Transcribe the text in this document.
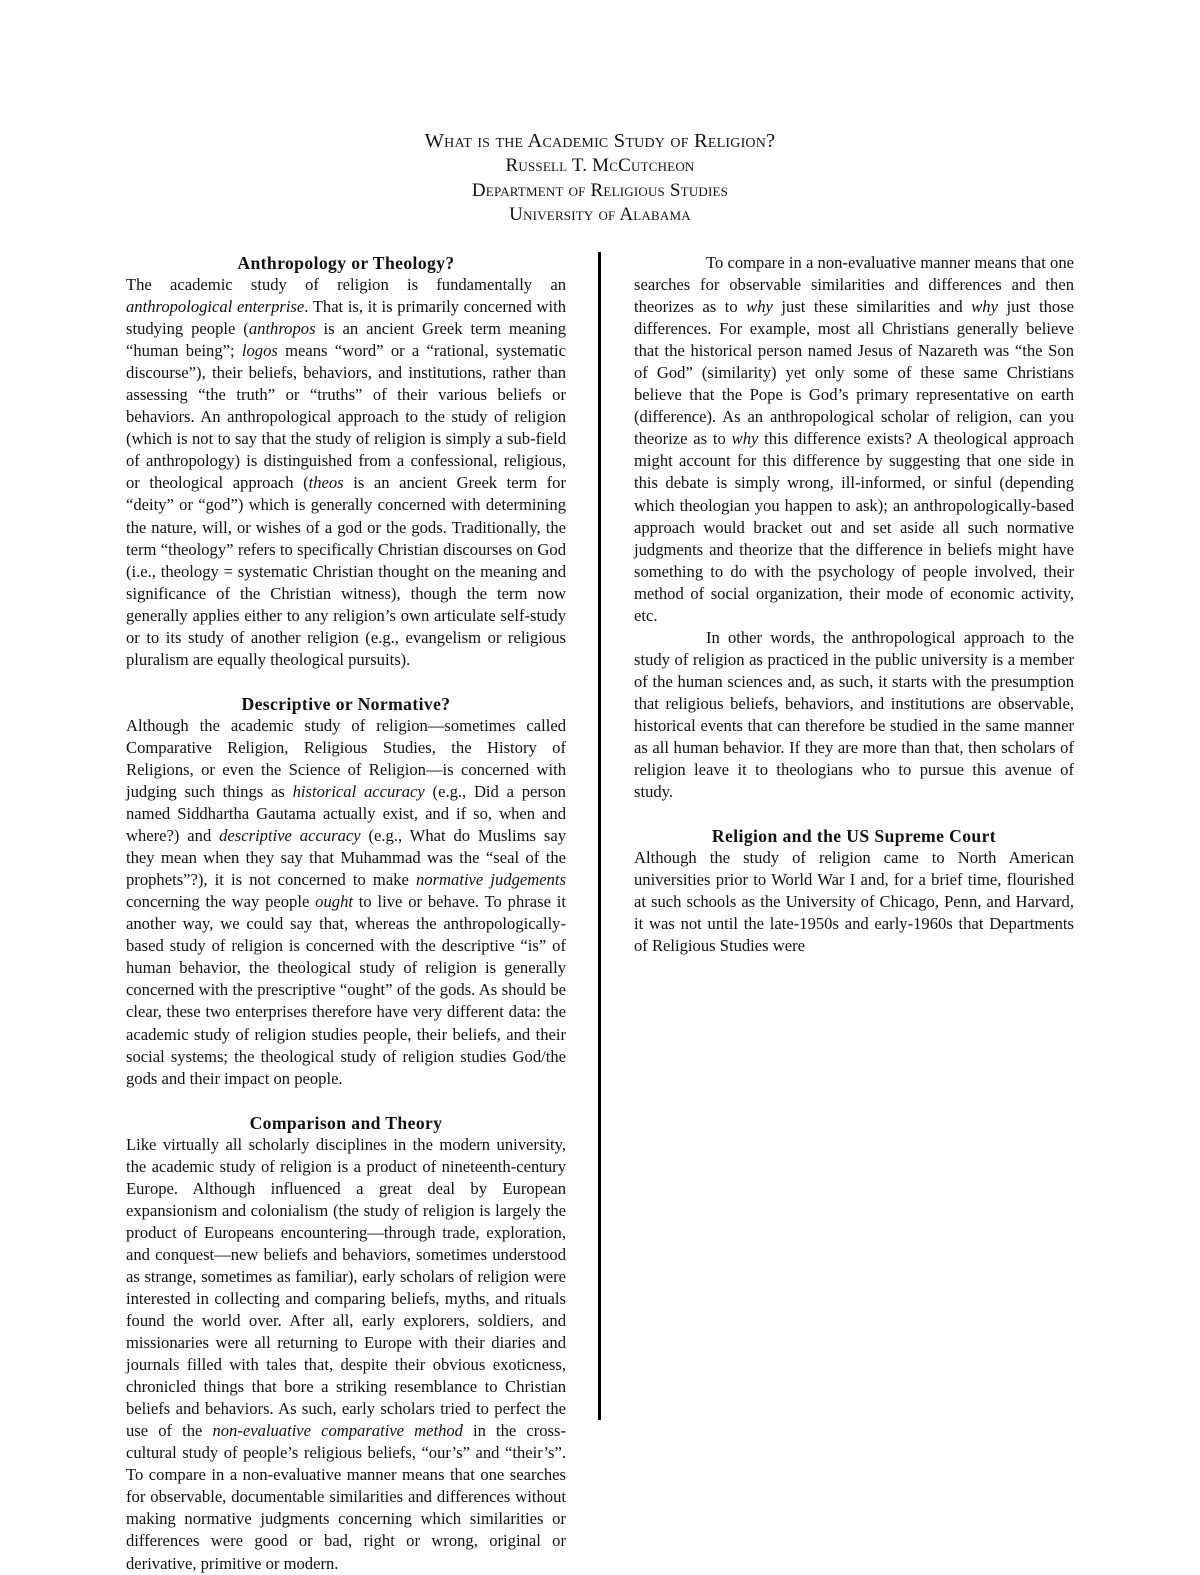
What is the Academic Study of Religion?
Russell T. McCutcheon
Department of Religious Studies
University of Alabama
Anthropology or Theology?

The academic study of religion is fundamentally an anthropological enterprise. That is, it is primarily concerned with studying people (anthropos is an ancient Greek term meaning “human being”; logos means “word” or a “rational, systematic discourse”), their beliefs, behaviors, and institutions, rather than assessing “the truth” or “truths” of their various beliefs or behaviors. An anthropological approach to the study of religion (which is not to say that the study of religion is simply a sub-field of anthropology) is distinguished from a confessional, religious, or theological approach (theos is an ancient Greek term for “deity” or “god”) which is generally concerned with determining the nature, will, or wishes of a god or the gods. Traditionally, the term “theology” refers to specifically Christian discourses on God (i.e., theology = systematic Christian thought on the meaning and significance of the Christian witness), though the term now generally applies either to any religion’s own articulate self-study or to its study of another religion (e.g., evangelism or religious pluralism are equally theological pursuits).

Descriptive or Normative?

Although the academic study of religion—sometimes called Comparative Religion, Religious Studies, the History of Religions, or even the Science of Religion—is concerned with judging such things as historical accuracy (e.g., Did a person named Siddhartha Gautama actually exist, and if so, when and where?) and descriptive accuracy (e.g., What do Muslims say they mean when they say that Muhammad was the “seal of the prophets”?), it is not concerned to make normative judgements concerning the way people ought to live or behave. To phrase it another way, we could say that, whereas the anthropologically-based study of religion is concerned with the descriptive “is” of human behavior, the theological study of religion is generally concerned with the prescriptive “ought” of the gods. As should be clear, these two enterprises therefore have very different data: the academic study of religion studies people, their beliefs, and their social systems; the theological study of religion studies God/the gods and their impact on people.

Comparison and Theory

Like virtually all scholarly disciplines in the modern university, the academic study of religion is a product of nineteenth-century Europe. Although influenced a great deal by European expansionism and colonialism (the study of religion is largely the product of Europeans encountering—through trade, exploration, and conquest—new beliefs and behaviors, sometimes understood as strange, sometimes as familiar), early scholars of religion were interested in collecting and comparing beliefs, myths, and rituals found the world over. After all, early explorers, soldiers, and missionaries were all returning to Europe with their diaries and journals filled with tales that, despite their obvious exoticness, chronicled things that bore a striking resemblance to Christian beliefs and behaviors. As such, early scholars tried to perfect the use of the non-evaluative comparative method in the cross-cultural study of people’s religious beliefs, “our’s” and “their’s”. To compare in a non-evaluative manner means that one searches for observable, documentable similarities and differences without making normative judgments concerning which similarities or differences were good or bad, right or wrong, original or derivative, primitive or modern.

To compare in a non-evaluative manner means that one searches for observable similarities and differences and then theorizes as to why just these similarities and why just those differences. For example, most all Christians generally believe that the historical person named Jesus of Nazareth was “the Son of God” (similarity) yet only some of these same Christians believe that the Pope is God’s primary representative on earth (difference). As an anthropological scholar of religion, can you theorize as to why this difference exists? A theological approach might account for this difference by suggesting that one side in this debate is simply wrong, ill-informed, or sinful (depending which theologian you happen to ask); an anthropologically-based approach would bracket out and set aside all such normative judgments and theorize that the difference in beliefs might have something to do with the psychology of people involved, their method of social organization, their mode of economic activity, etc.

In other words, the anthropological approach to the study of religion as practiced in the public university is a member of the human sciences and, as such, it starts with the presumption that religious beliefs, behaviors, and institutions are observable, historical events that can therefore be studied in the same manner as all human behavior. If they are more than that, then scholars of religion leave it to theologians who to pursue this avenue of study.

Religion and the US Supreme Court

Although the study of religion came to North American universities prior to World War I and, for a brief time, flourished at such schools as the University of Chicago, Penn, and Harvard, it was not until the late-1950s and early-1960s that Departments of Religious Studies were
